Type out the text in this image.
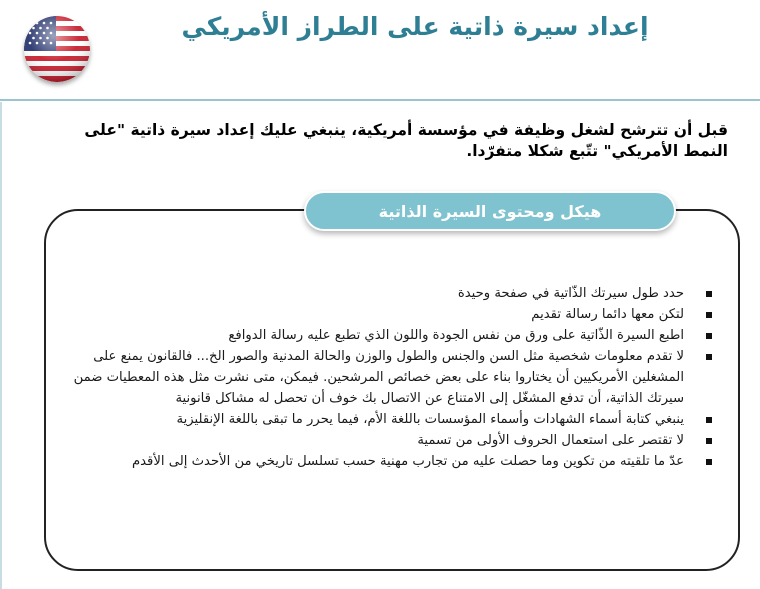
إعداد سيرة ذاتية على الطراز الأمريكي

قبل أن تترشح لشغل وظيفة في مؤسسة أمريكية، ينبغي عليك إعداد سيرة ذاتية "على النمط الأمريكي" تتّبع شكلا متفرّدا.

هيكل ومحتوى السيرة الذاتية
حدد طول سيرتك الذّاتية في صفحة وحيدة
لتكن معها دائما رسالة تقديم
اطبع السيرة الذّاتية على ورق من نفس الجودة واللون الذي تطبع عليه رسالة الدوافع
لا تقدم معلومات شخصية مثل السن والجنس والطول والوزن والحالة المدنية والصور الخ... فالقانون يمنع على المشغلين الأمريكيين أن يختاروا بناء على بعض خصائص المرشحين. فيمكن، متى نشرت مثل هذه المعطيات ضمن سيرتك الذاتية، أن تدفع المشغّل إلى الامتناع عن الاتصال بك خوف أن تحصل له مشاكل قانونية
ينبغي كتابة أسماء الشهادات وأسماء المؤسسات باللغة الأم، فيما يحرر ما تبقى باللغة الإنقليزية
لا تقتصر على استعمال الحروف الأولى من تسمية
عدّ ما تلقيته من تكوين وما حصلت عليه من تجارب مهنية حسب تسلسل تاريخي من الأحدث إلى الأقدم
